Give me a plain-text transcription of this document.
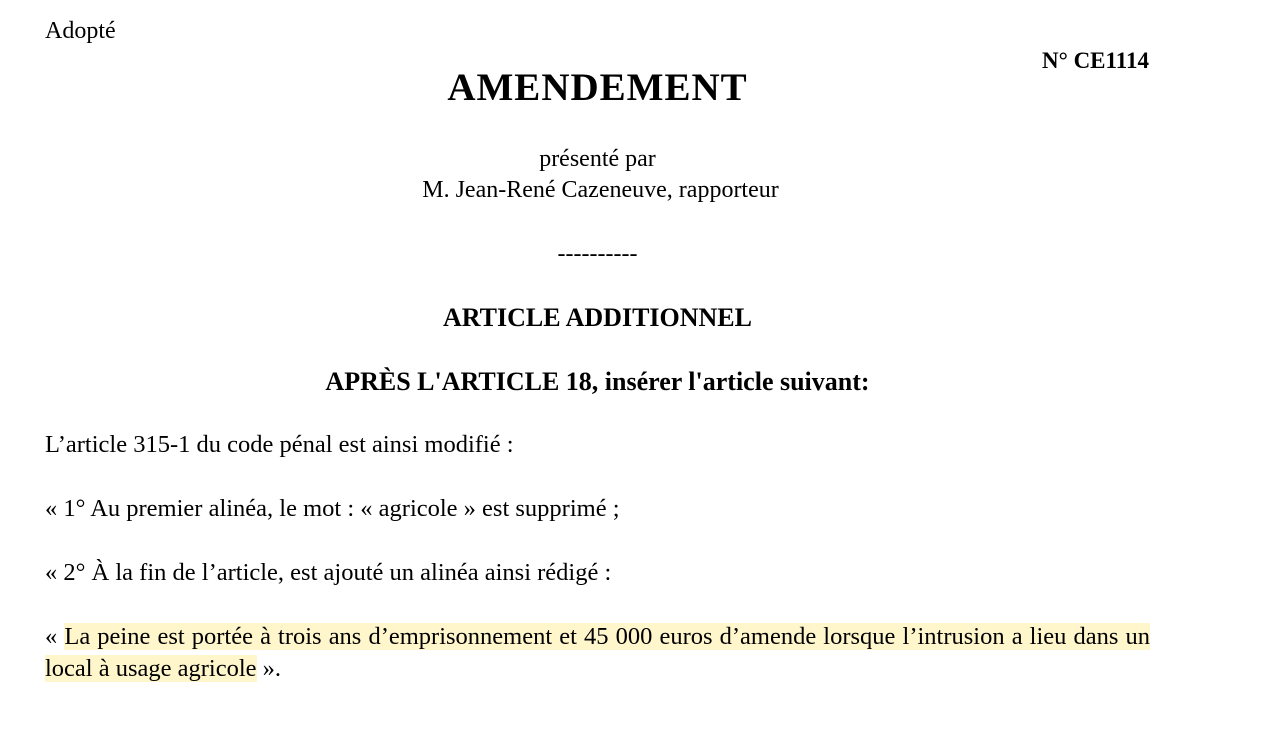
Adopté
N° CE1114
AMENDEMENT
présenté par
M. Jean-René Cazeneuve, rapporteur
----------
ARTICLE ADDITIONNEL
APRÈS L'ARTICLE 18, insérer l'article suivant:
L’article 315-1 du code pénal est ainsi modifié :
« 1° Au premier alinéa, le mot : « agricole » est supprimé ;
« 2° À la fin de l’article, est ajouté un alinéa ainsi rédigé :
« La peine est portée à trois ans d’emprisonnement et 45 000 euros d’amende lorsque l’intrusion a lieu dans un local à usage agricole ».
